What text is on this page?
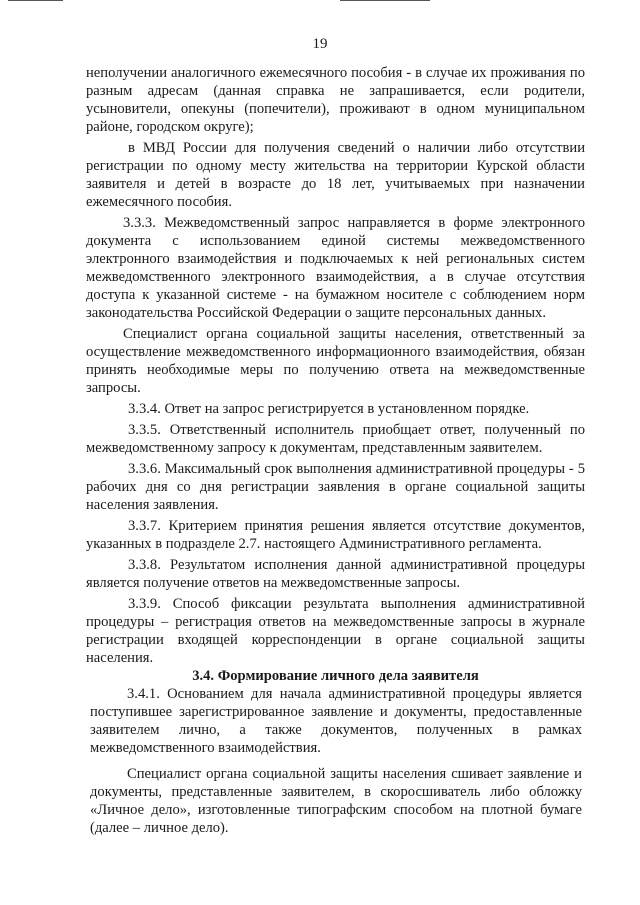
19

неполучении аналогичного ежемесячного пособия - в случае их проживания по разным адресам (данная справка не запрашивается, если родители, усыновители, опекуны (попечители), проживают в одном муниципальном районе, городском округе);

в МВД России для получения сведений о наличии либо отсутствии регистрации по одному месту жительства на территории Курской области заявителя и детей в возрасте до 18 лет, учитываемых при назначении ежемесячного пособия.

3.3.3. Межведомственный запрос направляется в форме электронного документа с использованием единой системы межведомственного электронного взаимодействия и подключаемых к ней региональных систем межведомственного электронного взаимодействия, а в случае отсутствия доступа к указанной системе - на бумажном носителе с соблюдением норм законодательства Российской Федерации о защите персональных данных.

Специалист органа социальной защиты населения, ответственный за осуществление межведомственного информационного взаимодействия, обязан принять необходимые меры по получению ответа на межведомственные запросы.

3.3.4. Ответ на запрос регистрируется в установленном порядке.

3.3.5. Ответственный исполнитель приобщает ответ, полученный по межведомственному запросу к документам, представленным заявителем.

3.3.6. Максимальный срок выполнения административной процедуры - 5 рабочих дня со дня регистрации заявления в органе социальной защиты населения заявления.

3.3.7. Критерием принятия решения является отсутствие документов, указанных в подразделе 2.7. настоящего Административного регламента.

3.3.8. Результатом исполнения данной административной процедуры является получение ответов на межведомственные запросы.

3.3.9. Способ фиксации результата выполнения административной процедуры – регистрация ответов на межведомственные запросы в журнале регистрации входящей корреспонденции в органе социальной защиты населения.

3.4. Формирование личного дела заявителя

3.4.1. Основанием для начала административной процедуры является поступившее зарегистрированное заявление и документы, предоставленные заявителем лично, а также документов, полученных в рамках межведомственного взаимодействия.

Специалист органа социальной защиты населения сшивает заявление и документы, представленные заявителем, в скоросшиватель либо обложку «Личное дело», изготовленные типографским способом на плотной бумаге (далее – личное дело).
